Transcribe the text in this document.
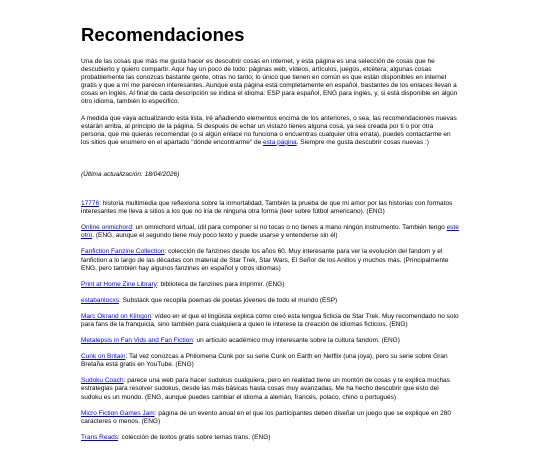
Recomendaciones

Una de las cosas que más me gusta hacer es descubrir cosas en internet, y esta página es una selección de cosas que he descubierto y quiero compartir. Aquí hay un poco de todo: páginas web, vídeos, artículos, juegos, etcétera; algunas cosas probablemente las conozcas bastante gente, otras no tanto; lo único que tienen en común es que están disponibles en internet gratis y que a mí me parecen interesantes. Aunque esta página está completamente en español, bastantes de los enlaces llevan a cosas en inglés. Al final de cada descripción se indica el idioma: ESP para español, ENG para inglés, y, si está disponible en algún otro idioma, también lo especifico.

A medida que vaya actualizando esta lista, iré añadiendo elementos encima de los anteriores, o sea, las recomendaciones nuevas estarán arriba, al principio de la página. Si después de echar un vistazo tienes alguna cosa, ya sea creada por ti o por otra persona, que me quieras recomendar (o si algún enlace no funciona o encuentras cualquier otra errata), puedes contactarme en los sitios que enumero en el apartado "dónde encontrarme" de esta página. Siempre me gusta descubrir cosas nuevas :)

(Última actualización: 18/04/2026)

17776: historia multimedia que reflexiona sobre la inmortalidad. También la prueba de que mi amor por las historias con formatos interesantes me lleva a sitios a los que no iría de ninguna otra forma (leer sobre fútbol americano). (ENG)
Online onmichord: un omnichord virtual, útil para componer si no tocas o no tienes a mano ningún instrumento. También tengo este otro. (ENG, aunque el segundo tiene muy poco texto y puede usarse y entenderse sin él)
Fanfiction Fanzine Collection: colección de fanzines desde los años 60. Muy interesante para ver la evolución del fandom y el fanfiction a lo largo de las décadas con material de Star Trek, Star Wars, El Señor de los Anillos y muchos más. (Principalmente ENG, pero también hay algunos fanzines en español y otros idiomas)
Print at Home Zine Library: biblioteca de fanzines para imprimir. (ENG)
estabanlocxs: Substack que recopila poemas de poetas jóvenes de todo el mundo (ESP)
Marc Okrand on Klingon: vídeo en el que el lingüista explica cómo creó esta lengua ficticia de Star Trek. Muy recomendado no solo para fans de la franquicia, sino también para cualquiera a quien le interese la creación de idiomas ficticios. (ENG)
Metalepsis in Fan Vids and Fan Fiction: un artículo académico muy interesante sobre la cultura fandom. (ENG)
Cunk on Britain: Tal vez conozcas a Philomena Cunk por su serie Cunk on Earth en Netflix (una joya), pero su serie sobre Gran Bretaña está gratis en YouTube. (ENG)
Sudoku Coach: parece una web para hacer sudokus cualquiera, pero en realidad tiene un montón de cosas y te explica muchas estrategias para resolver sudokus, desde las más básicas hasta cosas muy avanzadas. Me ha hecho descubrir que esto del sudoku es un mundo. (ENG, aunque puedes cambiar el idioma a alemán, francés, polaco, chino o portugués)
Micro Fiction Games Jam: página de un evento anual en el que los participantes deben diseñar un juego que se explique en 280 caracteres o menos. (ENG)
Trans Reads: colección de textos gratis sobre temas trans. (ENG)
